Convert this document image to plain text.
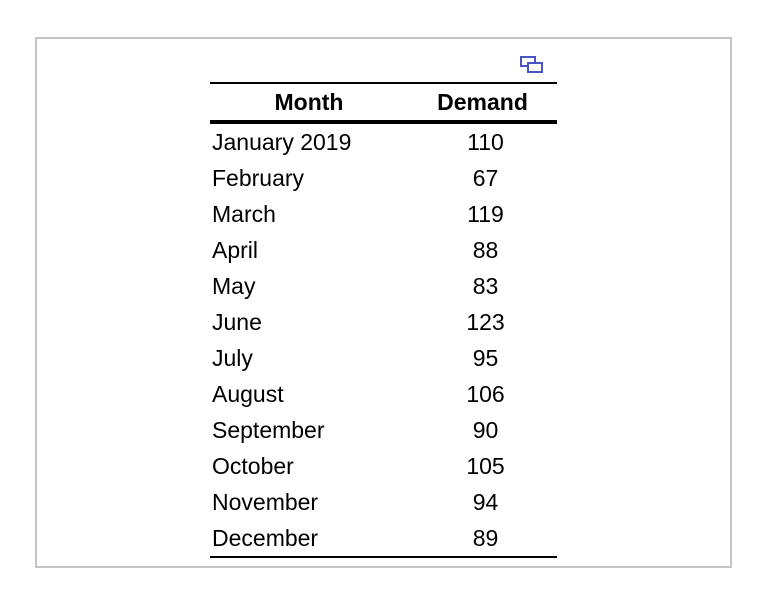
Month	Demand
January 2019	110
February	67
March	119
April	88
May	83
June	123
July	95
August	106
September	90
October	105
November	94
December	89
